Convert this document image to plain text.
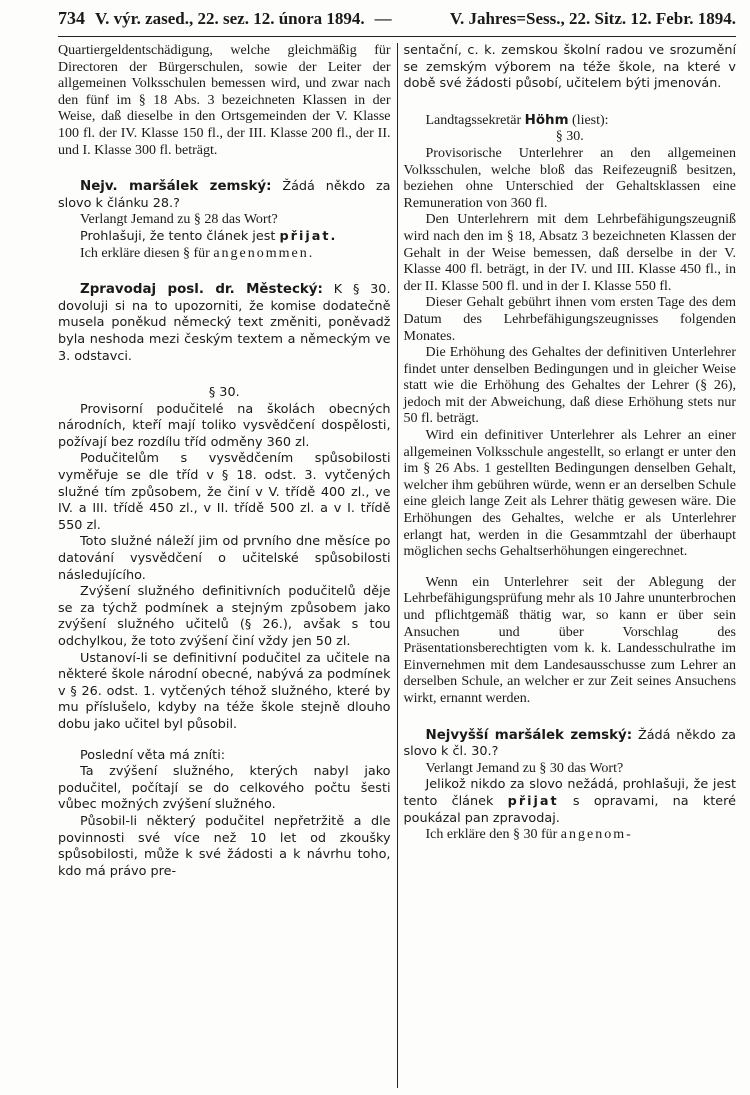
734 V. výr. zased., 22. sez. 12. února 1894. —	V. Jahres=Sess., 22. Sitz. 12. Febr. 1894.

Quartiergeldentschädigung, welche gleichmäßig für Directoren der Bürgerschulen, sowie der Leiter der allgemeinen Volksschulen bemessen wird, und zwar nach den fünf im § 18 Abs. 3 bezeichneten Klassen in der Weise, daß dieselbe in den Ortsgemeinden der V. Klasse 100 fl. der IV. Klasse 150 fl., der III. Klasse 200 fl., der II. und I. Klasse 300 fl. beträgt.

Nejv. maršálek zemský: Žádá někdo za slovo k článku 28.?

Verlangt Jemand zu § 28 das Wort?

Prohlašuji, že tento článek jest přijat.

Ich erkläre diesen § für angenommen.

Zpravodaj posl. dr. Městecký: K § 30. dovoluji si na to upozorniti, že komise dodatečně musela poněkud německý text změniti, poněvadž byla neshoda mezi českým textem a německým ve 3. odstavci.

§ 30.

Provisorní podučitelé na školách obecných národních, kteří mají toliko vysvědčení dospělosti, požívají bez rozdílu tříd odměny 360 zl.

Podučitelům s vysvědčením spůsobilosti vyměřuje se dle tříd v § 18. odst. 3. vytčených služné tím způsobem, že činí v V. třídě 400 zl., ve IV. a III. třídě 450 zl., v II. třídě 500 zl. a v I. třídě 550 zl.

Toto služné náleží jim od prvního dne měsíce po datování vysvědčení o učitelské spůsobilosti následujícího.

Zvýšení služného definitivních podučitelů děje se za týchž podmínek a stejným způsobem jako zvýšení služného učitelů (§ 26.), avšak s tou odchylkou, že toto zvýšení činí vždy jen 50 zl.

Ustanoví-li se definitivní podučitel za učitele na některé škole národní obecné, nabývá za podmínek v § 26. odst. 1. vytčených téhož služného, které by mu příslušelo, kdyby na téže škole stejně dlouho dobu jako učitel byl působil.

Poslední věta má zníti:

Ta zvýšení služného, kterých nabyl jako podučitel, počítají se do celkového počtu šesti vůbec možných zvýšení služného.

Působil-li některý podučitel nepřetržitě a dle povinnosti své více než 10 let od zkoušky spůsobilosti, může k své žádosti a k návrhu toho, kdo má právo pre-

sentační, c. k. zemskou školní radou ve srozumění se zemským výborem na téže škole, na které v době své žádosti působí, učitelem býti jmenován.

Landtagssekretär Höhm (liest):

§ 30.

Provisorische Unterlehrer an den allgemeinen Volksschulen, welche bloß das Reifezeugniß besitzen, beziehen ohne Unterschied der Gehaltsklassen eine Remuneration von 360 fl.

Den Unterlehrern mit dem Lehrbefähigungszeugniß wird nach den im § 18, Absatz 3 bezeichneten Klassen der Gehalt in der Weise bemessen, daß derselbe in der V. Klasse 400 fl. beträgt, in der IV. und III. Klasse 450 fl., in der II. Klasse 500 fl. und in der I. Klasse 550 fl.

Dieser Gehalt gebührt ihnen vom ersten Tage des dem Datum des Lehrbefähigungszeugnisses folgenden Monates.

Die Erhöhung des Gehaltes der definitiven Unterlehrer findet unter denselben Bedingungen und in gleicher Weise statt wie die Erhöhung des Gehaltes der Lehrer (§ 26), jedoch mit der Abweichung, daß diese Erhöhung stets nur 50 fl. beträgt.

Wird ein definitiver Unterlehrer als Lehrer an einer allgemeinen Volksschule angestellt, so erlangt er unter den im § 26 Abs. 1 gestellten Bedingungen denselben Gehalt, welcher ihm gebühren würde, wenn er an derselben Schule eine gleich lange Zeit als Lehrer thätig gewesen wäre. Die Erhöhungen des Gehaltes, welche er als Unterlehrer erlangt hat, werden in die Gesammtzahl der überhaupt möglichen sechs Gehaltserhöhungen eingerechnet.

Wenn ein Unterlehrer seit der Ablegung der Lehrbefähigungsprüfung mehr als 10 Jahre ununterbrochen und pflichtgemäß thätig war, so kann er über sein Ansuchen und über Vorschlag des Präsentationsberechtigten vom k. k. Landesschulrathe im Einvernehmen mit dem Landesausschusse zum Lehrer an derselben Schule, an welcher er zur Zeit seines Ansuchens wirkt, ernannt werden.

Nejvyšší maršálek zemský: Žádá někdo za slovo k čl. 30.?

Verlangt Jemand zu § 30 das Wort?

Jelikož nikdo za slovo nežádá, prohlašuji, že jest tento článek přijat s opravami, na které poukázal pan zpravodaj.

Ich erkläre den § 30 für angenom-
